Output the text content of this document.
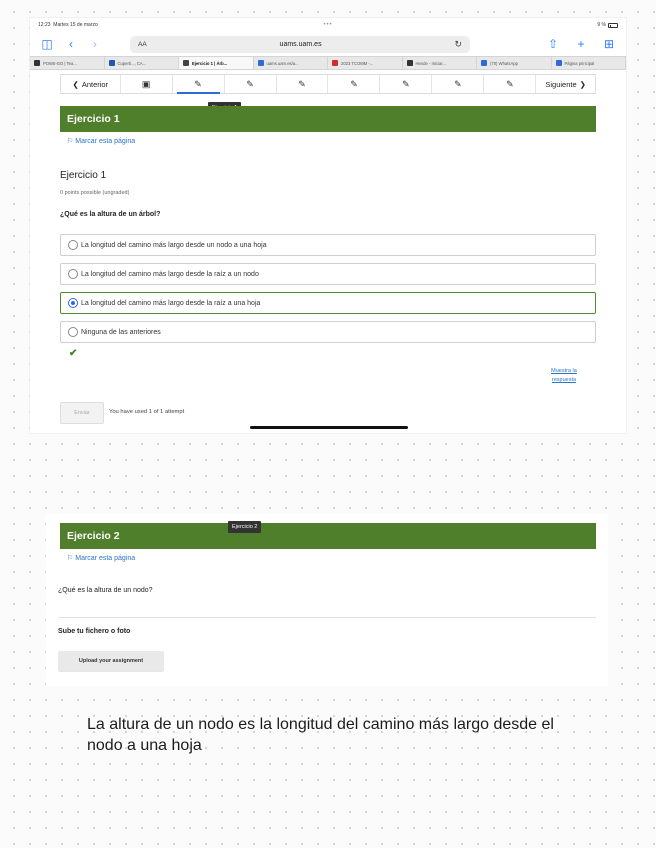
12:23
Martes 15 de marzo	•••	9 %
◫	‹	›	AA	uams.uam.es	↻	⇧ + ⊞
POW5-GO | Tea...	Cuperti..., CA...	Ejercicio 1 | Árb...	uams.uam.es/a...	2023 TCOMM -...	Hende - Iniciar...	(70) WhatsApp	Página principal
❮ Anterior	▣	✎	✎	✎	✎	✎	✎	✎	Siguiente ❯
Ejercicio 1
⚐ Marcar esta página
Ejercicio 1
0 points possible (ungraded)
¿Qué es la altura de un árbol?
La longitud del camino más largo desde un nodo a una hoja
La longitud del camino más largo desde la raíz a un nodo
La longitud del camino más largo desde la raíz a una hoja
Ninguna de las anteriores
✔
Muestra la respuesta
Enviar	You have used 1 of 1 attempt
Ejercicio 2
⚐ Marcar esta página
¿Qué es la altura de un nodo?
Sube tu fichero o foto
Upload your assignment
Ejercicio 2
La altura de un nodo es la longitud del camino más largo desde el nodo a una hoja
